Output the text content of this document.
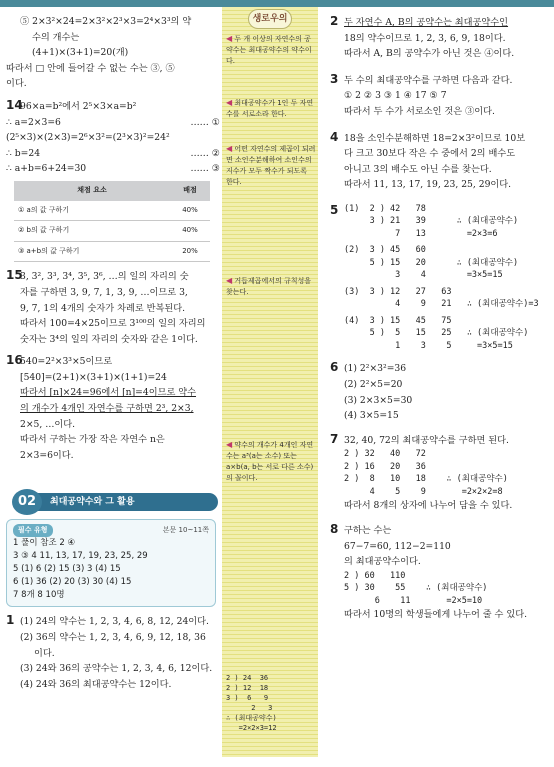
⑤ 2×3²×24=2×3²×2³×3=2⁴×3³의 약
수의 개수는
(4+1)×(3+1)=20(개)
따라서 □ 안에 들어갈 수 없는 수는 ③, ⑤
이다.
1496×a=b²에서 2⁵×3×a=b²
∴ a=2×3=6	…… ①
(2⁵×3)×(2×3)=2⁶×3²=(2³×3)²=24²
∴ b=24	…… ②
∴ a+b=6+24=30	…… ③
채점 요소	배점
① a의 값 구하기	40%
② b의 값 구하기	40%
③ a+b의 값 구하기	20%
153, 3², 3³, 3⁴, 3⁵, 3⁶, …의 일의 자리의 숫
자를 구하면 3, 9, 7, 1, 3, 9, …이므로 3,
9, 7, 1의 4개의 숫자가 차례로 반복된다.
따라서 100=4×25이므로 3¹⁰⁰의 일의 자리의
숫자는 3⁴의 일의 자리의 숫자와 같은 1이다.
16540=2²×3³×5이므로
[540]=(2+1)×(3+1)×(1+1)=24
따라서 [n]×24=96에서 [n]=4이므로 약수
의 개수가 4개인 자연수를 구하면 2³, 2×3,
2×5, …이다.
따라서 구하는 가장 작은 자연수 n은
2×3=6이다.
최대공약수와 그 활용
02
필수 유형	본문 10~11쪽
1 풀이 참조 2 ④
3 ③ 4 11, 13, 17, 19, 23, 25, 29
5 (1) 6 (2) 15 (3) 3 (4) 15
6 (1) 36 (2) 20 (3) 30 (4) 15
7 8개 8 10명
1 (1) 24의 약수는 1, 2, 3, 4, 6, 8, 12, 24이다.
(2) 36의 약수는 1, 2, 3, 4, 6, 9, 12, 18, 36
이다.
(3) 24와 36의 공약수는 1, 2, 3, 4, 6, 12이다.
(4) 24와 36의 최대공약수는 12이다.
생로우의
◀ 두 개 이상의 자연수의 공약수는 최대공약수의 약수이다.
◀ 최대공약수가 1인 두 자연수를 서로소라 한다.
◀ 어떤 자연수의 제곱이 되려면 소인수분해하여 소인수의 지수가 모두 짝수가 되도록 한다.
◀ 거듭제곱에서의 규칙성을 찾는다.
◀ 약수의 개수가 4개인 자연수는 a³(a는 소수) 또는 a×b(a, b는 서로 다른 소수)의 꼴이다.
2 ) 24  36
2 ) 12  18
3 )  6   9
2   3
∴ (최대공약수)
=2×2×3=12
2 두 자연수 A, B의 공약수는 최대공약수인
18의 약수이므로 1, 2, 3, 6, 9, 18이다.
따라서 A, B의 공약수가 아닌 것은 ④이다.
3 두 수의 최대공약수를 구하면 다음과 같다.
① 2 ② 3 ③ 1 ④ 17 ⑤ 7
따라서 두 수가 서로소인 것은 ③이다.
4 18을 소인수분해하면 18=2×3²이므로 10보
다 크고 30보다 작은 수 중에서 2의 배수도
아니고 3의 배수도 아닌 수를 찾는다.
따라서 11, 13, 17, 19, 23, 25, 29이다.
5 (1)  2 ) 42   78
3 ) 21   39      ∴ (최대공약수)
7   13        =2×3=6
(2)  3 ) 45   60
5 ) 15   20      ∴ (최대공약수)
3    4        =3×5=15
(3)  3 ) 12   27   63
4    9   21   ∴ (최대공약수)=3
(4)  3 ) 15   45   75
5 )  5   15   25   ∴ (최대공약수)
1    3    5     =3×5=15
6 (1) 2²×3²=36
(2) 2²×5=20
(3) 2×3×5=30
(4) 3×5=15
7 32, 40, 72의 최대공약수를 구하면 된다.
2 ) 32   40   72
2 ) 16   20   36
2 )  8   10   18    ∴ (최대공약수)
4    5    9       =2×2×2=8
따라서 8개의 상자에 나누어 담을 수 있다.
8 구하는 수는
67−7=60, 112−2=110
의 최대공약수이다.
2 ) 60   110
5 ) 30    55    ∴ (최대공약수)
6    11       =2×5=10
따라서 10명의 학생들에게 나누어 줄 수 있다.
